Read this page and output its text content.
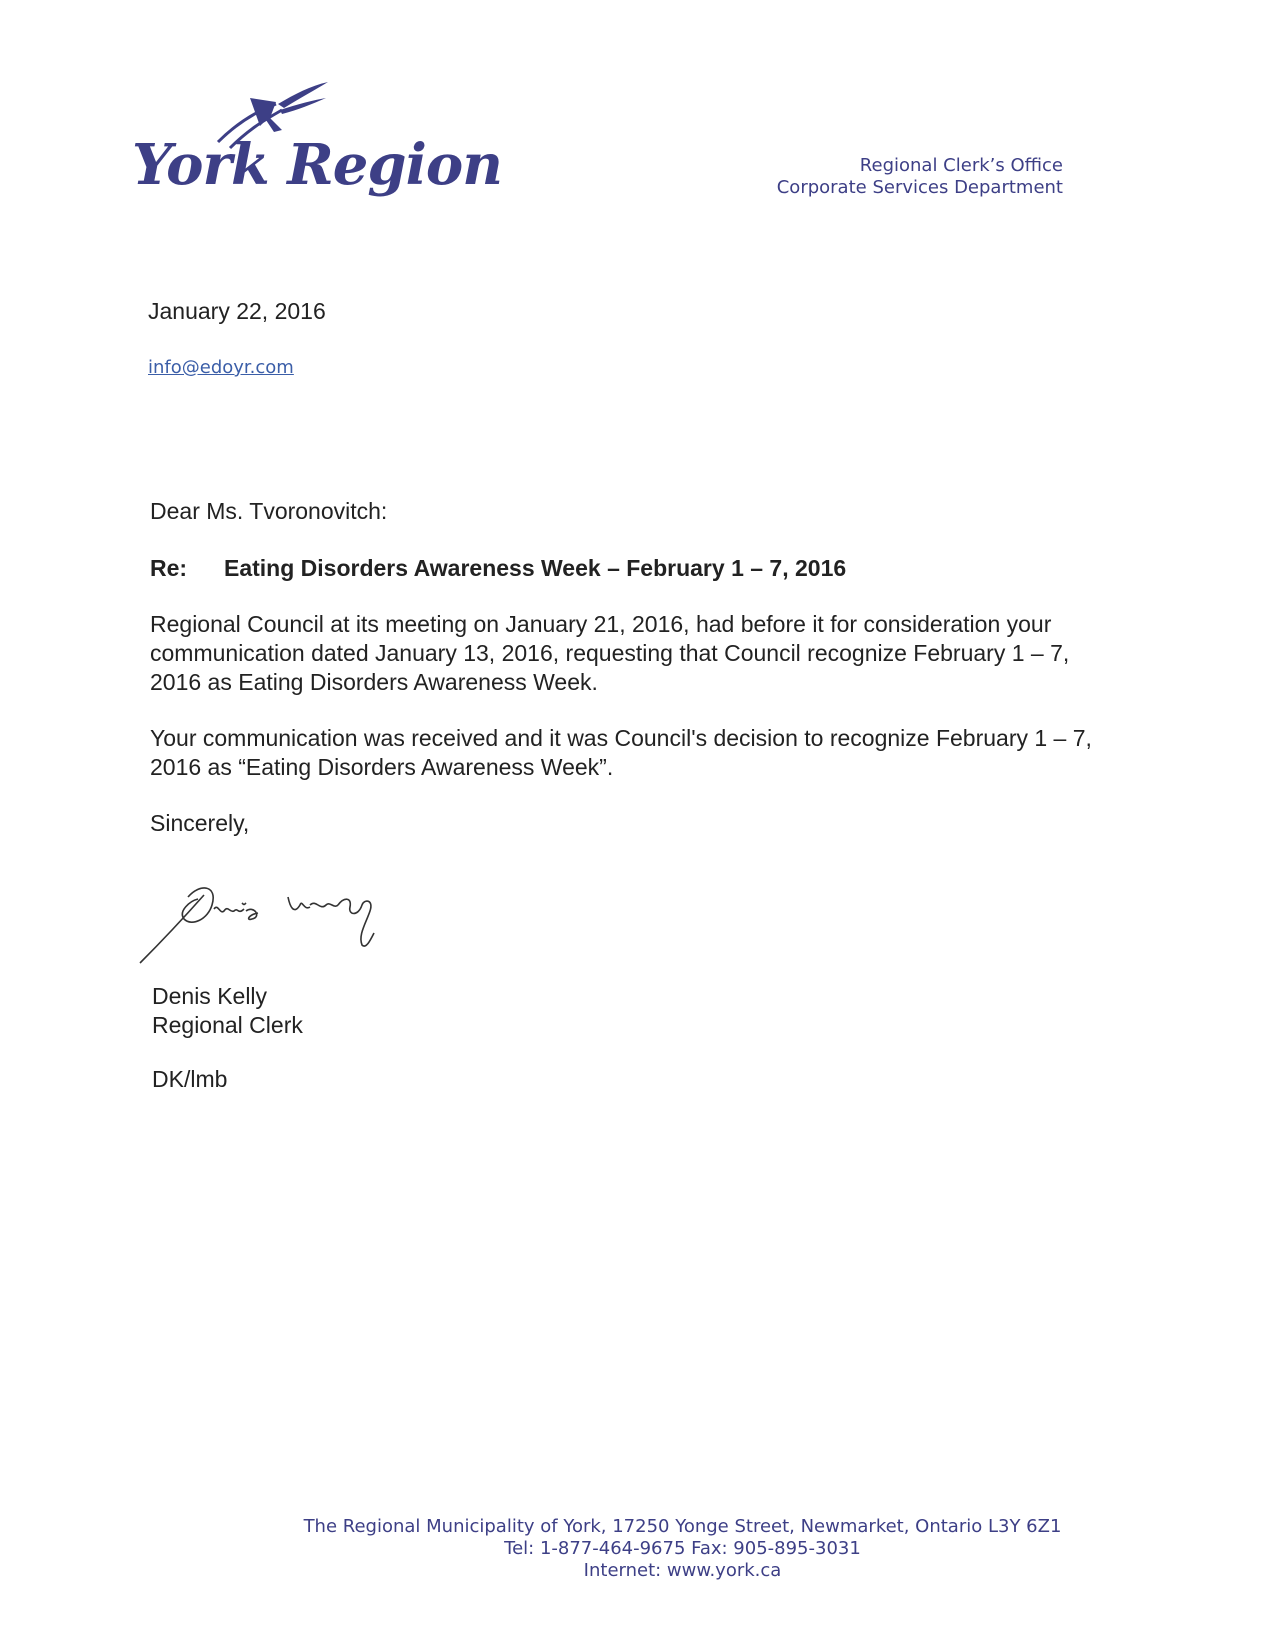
York Region	Regional Clerk’s Office
Corporate Services Department
January 22, 2016
info@edoyr.com
Dear Ms. Tvoronovitch:
Re: Eating Disorders Awareness Week – February 1 – 7, 2016
Regional Council at its meeting on January 21, 2016, had before it for consideration your communication dated January 13, 2016, requesting that Council recognize February 1 – 7, 2016 as Eating Disorders Awareness Week.
Your communication was received and it was Council's decision to recognize February 1 – 7, 2016 as “Eating Disorders Awareness Week”.
Sincerely,
Denis Kelly
Regional Clerk
DK/lmb
The Regional Municipality of York, 17250 Yonge Street, Newmarket, Ontario L3Y 6Z1
Tel: 1-877-464-9675 Fax: 905-895-3031
Internet: www.york.ca
